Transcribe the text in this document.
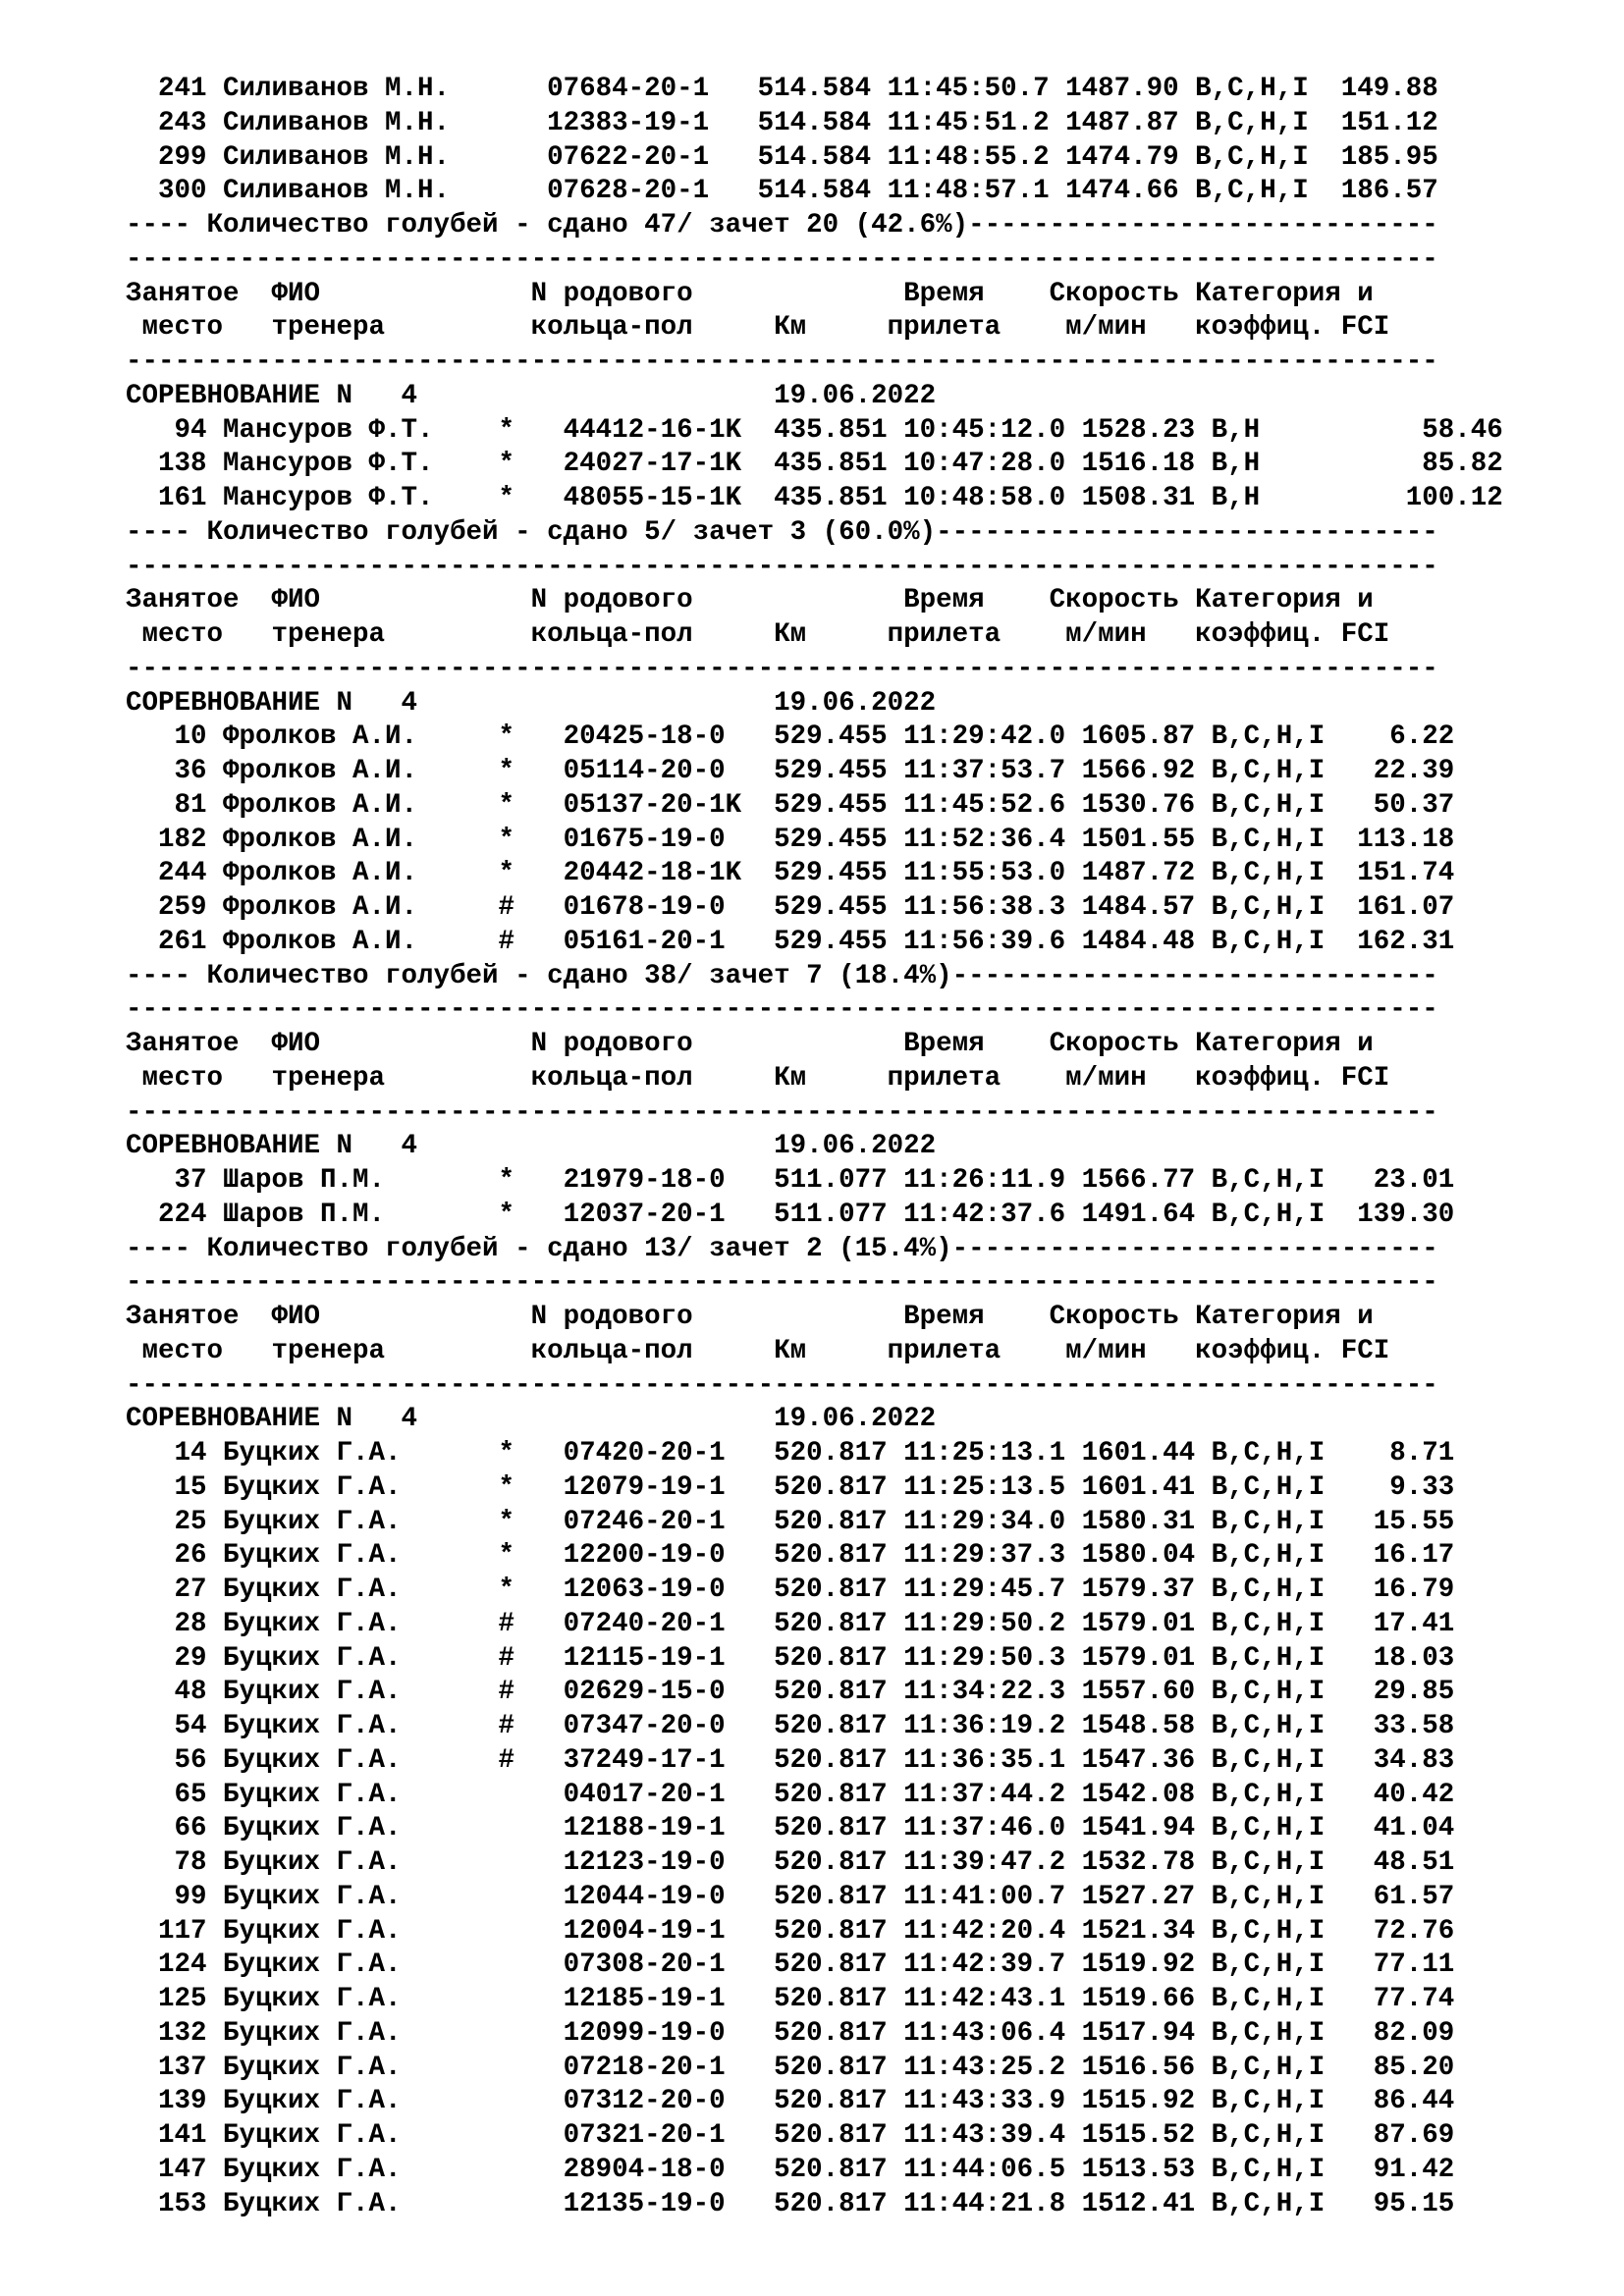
241 Силиванов М.Н.      07684-20-1   514.584 11:45:50.7 1487.90 B,C,H,I  149.88
243 Силиванов М.Н.      12383-19-1   514.584 11:45:51.2 1487.87 B,C,H,I  151.12
299 Силиванов М.Н.      07622-20-1   514.584 11:48:55.2 1474.79 B,C,H,I  185.95
300 Силиванов М.Н.      07628-20-1   514.584 11:48:57.1 1474.66 B,C,H,I  186.57
---- Количество голубей - сдано 47/ зачет 20 (42.6%)-----------------------------
---------------------------------------------------------------------------------
Занятое  ФИО             N родового             Время    Скорость Категория и
место   тренера         кольца-пол     Км     прилета    м/мин   коэффиц. FCI
---------------------------------------------------------------------------------
СОРЕВНОВАНИЕ N   4                      19.06.2022
94 Мансуров Ф.Т.    *   44412-16-1K  435.851 10:45:12.0 1528.23 B,H          58.46
138 Мансуров Ф.Т.    *   24027-17-1K  435.851 10:47:28.0 1516.18 B,H          85.82
161 Мансуров Ф.Т.    *   48055-15-1K  435.851 10:48:58.0 1508.31 B,H         100.12
---- Количество голубей - сдано 5/ зачет 3 (60.0%)-------------------------------
---------------------------------------------------------------------------------
Занятое  ФИО             N родового             Время    Скорость Категория и
место   тренера         кольца-пол     Км     прилета    м/мин   коэффиц. FCI
---------------------------------------------------------------------------------
СОРЕВНОВАНИЕ N   4                      19.06.2022
10 Фролков А.И.     *   20425-18-0   529.455 11:29:42.0 1605.87 B,C,H,I    6.22
36 Фролков А.И.     *   05114-20-0   529.455 11:37:53.7 1566.92 B,C,H,I   22.39
81 Фролков А.И.     *   05137-20-1K  529.455 11:45:52.6 1530.76 B,C,H,I   50.37
182 Фролков А.И.     *   01675-19-0   529.455 11:52:36.4 1501.55 B,C,H,I  113.18
244 Фролков А.И.     *   20442-18-1K  529.455 11:55:53.0 1487.72 B,C,H,I  151.74
259 Фролков А.И.     #   01678-19-0   529.455 11:56:38.3 1484.57 B,C,H,I  161.07
261 Фролков А.И.     #   05161-20-1   529.455 11:56:39.6 1484.48 B,C,H,I  162.31
---- Количество голубей - сдано 38/ зачет 7 (18.4%)------------------------------
---------------------------------------------------------------------------------
Занятое  ФИО             N родового             Время    Скорость Категория и
место   тренера         кольца-пол     Км     прилета    м/мин   коэффиц. FCI
---------------------------------------------------------------------------------
СОРЕВНОВАНИЕ N   4                      19.06.2022
37 Шаров П.М.       *   21979-18-0   511.077 11:26:11.9 1566.77 B,C,H,I   23.01
224 Шаров П.М.       *   12037-20-1   511.077 11:42:37.6 1491.64 B,C,H,I  139.30
---- Количество голубей - сдано 13/ зачет 2 (15.4%)------------------------------
---------------------------------------------------------------------------------
Занятое  ФИО             N родового             Время    Скорость Категория и
место   тренера         кольца-пол     Км     прилета    м/мин   коэффиц. FCI
---------------------------------------------------------------------------------
СОРЕВНОВАНИЕ N   4                      19.06.2022
14 Буцких Г.А.      *   07420-20-1   520.817 11:25:13.1 1601.44 B,C,H,I    8.71
15 Буцких Г.А.      *   12079-19-1   520.817 11:25:13.5 1601.41 B,C,H,I    9.33
25 Буцких Г.А.      *   07246-20-1   520.817 11:29:34.0 1580.31 B,C,H,I   15.55
26 Буцких Г.А.      *   12200-19-0   520.817 11:29:37.3 1580.04 B,C,H,I   16.17
27 Буцких Г.А.      *   12063-19-0   520.817 11:29:45.7 1579.37 B,C,H,I   16.79
28 Буцких Г.А.      #   07240-20-1   520.817 11:29:50.2 1579.01 B,C,H,I   17.41
29 Буцких Г.А.      #   12115-19-1   520.817 11:29:50.3 1579.01 B,C,H,I   18.03
48 Буцких Г.А.      #   02629-15-0   520.817 11:34:22.3 1557.60 B,C,H,I   29.85
54 Буцких Г.А.      #   07347-20-0   520.817 11:36:19.2 1548.58 B,C,H,I   33.58
56 Буцких Г.А.      #   37249-17-1   520.817 11:36:35.1 1547.36 B,C,H,I   34.83
65 Буцких Г.А.          04017-20-1   520.817 11:37:44.2 1542.08 B,C,H,I   40.42
66 Буцких Г.А.          12188-19-1   520.817 11:37:46.0 1541.94 B,C,H,I   41.04
78 Буцких Г.А.          12123-19-0   520.817 11:39:47.2 1532.78 B,C,H,I   48.51
99 Буцких Г.А.          12044-19-0   520.817 11:41:00.7 1527.27 B,C,H,I   61.57
117 Буцких Г.А.          12004-19-1   520.817 11:42:20.4 1521.34 B,C,H,I   72.76
124 Буцких Г.А.          07308-20-1   520.817 11:42:39.7 1519.92 B,C,H,I   77.11
125 Буцких Г.А.          12185-19-1   520.817 11:42:43.1 1519.66 B,C,H,I   77.74
132 Буцких Г.А.          12099-19-0   520.817 11:43:06.4 1517.94 B,C,H,I   82.09
137 Буцких Г.А.          07218-20-1   520.817 11:43:25.2 1516.56 B,C,H,I   85.20
139 Буцких Г.А.          07312-20-0   520.817 11:43:33.9 1515.92 B,C,H,I   86.44
141 Буцких Г.А.          07321-20-1   520.817 11:43:39.4 1515.52 B,C,H,I   87.69
147 Буцких Г.А.          28904-18-0   520.817 11:44:06.5 1513.53 B,C,H,I   91.42
153 Буцких Г.А.          12135-19-0   520.817 11:44:21.8 1512.41 B,C,H,I   95.15
